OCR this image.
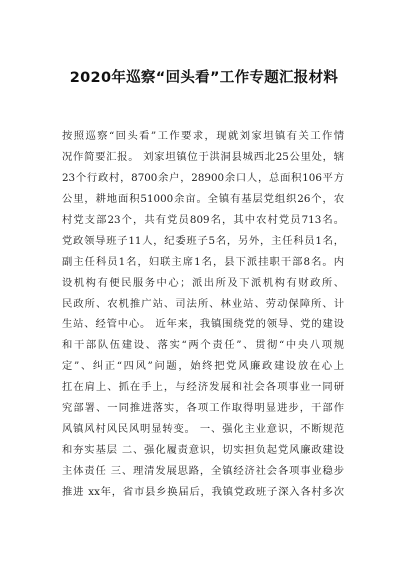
2020年巡察“回头看”工作专题汇报材料
按照巡察“回头看”工作要求，现就刘家坦镇有关工作情
况作简要汇报。 刘家坦镇位于洪洞县城西北25公里处，辖
23个行政村，8700余户，28900余口人，总面积106平方
公里，耕地面积51000余亩。全镇有基层党组织26个，农
村党支部23个，共有党员809名，其中农村党员713名。
党政领导班子11人，纪委班子5名，另外，主任科员1名，
副主任科员1名，妇联主席1名，县下派挂职干部8名。内
设机构有便民服务中心；派出所及下派机构有财政所、
民政所、农机推广站、司法所、林业站、劳动保障所、计
生站、经管中心。 近年来，我镇围绕党的领导、党的建设
和干部队伍建设、落实“两个责任”、贯彻“中央八项规
定”、纠正“四风”问题，始终把党风廉政建设放在心上
扛在肩上、抓在手上，与经济发展和社会各项事业一同研
究部署、一同推进落实，各项工作取得明显进步，干部作
风镇风村风民风明显转变。 一、强化主业意识，不断规范
和夯实基层 二、强化履责意识，切实担负起党风廉政建设
主体责任 三、理清发展思路，全镇经济社会各项事业稳步
推进 xx年，省市县乡换届后，我镇党政班子深入各村多次
